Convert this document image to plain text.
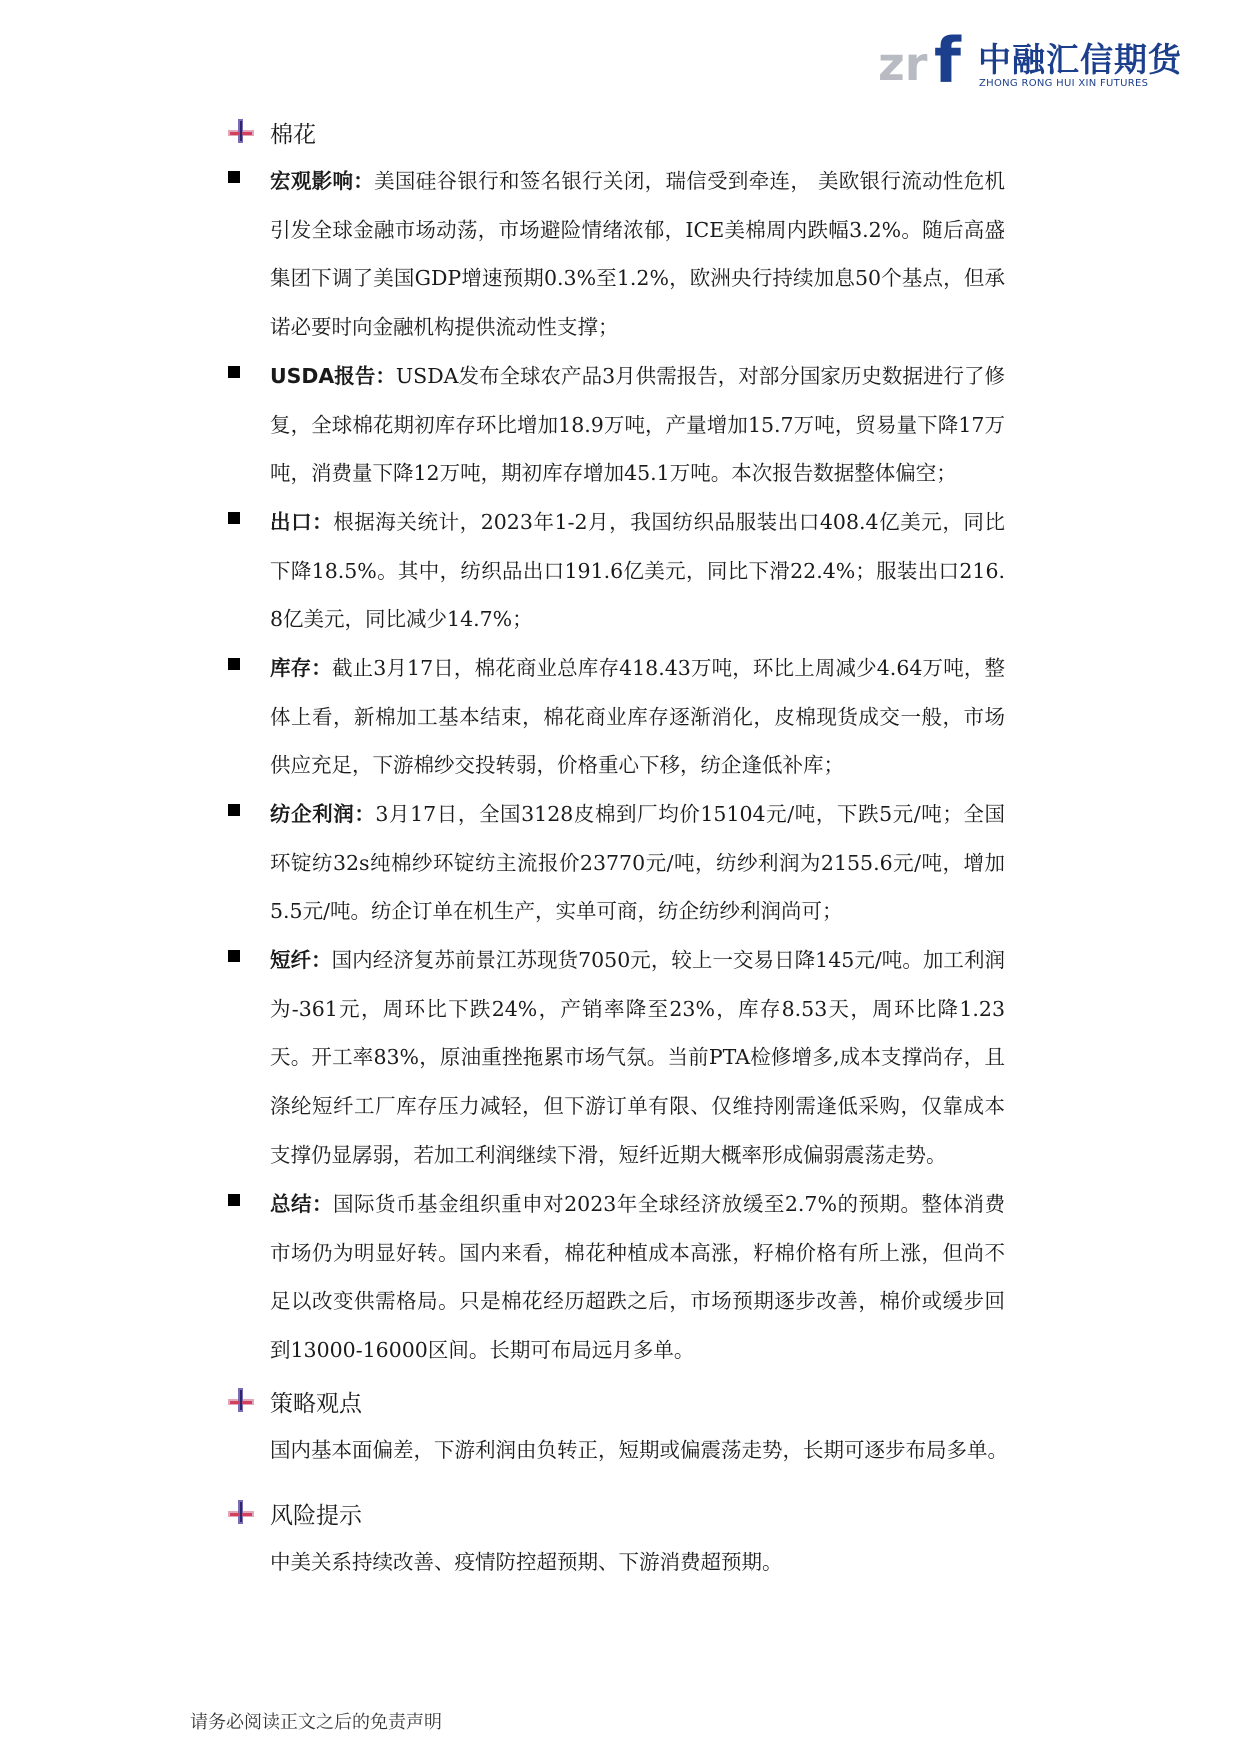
zr f 中融汇信期货
ZHONG RONG HUI XIN FUTURES
棉花
宏观影响：美国硅谷银行和签名银行关闭，瑞信受到牵连， 美欧银行流动性危机引发全球金融市场动荡，市场避险情绪浓郁，ICE美棉周内跌幅3.2%。随后高盛集团下调了美国GDP增速预期0.3%至1.2%，欧洲央行持续加息50个基点，但承诺必要时向金融机构提供流动性支撑；
USDA报告：USDA发布全球农产品3月供需报告，对部分国家历史数据进行了修复，全球棉花期初库存环比增加18.9万吨，产量增加15.7万吨，贸易量下降17万吨，消费量下降12万吨，期初库存增加45.1万吨。本次报告数据整体偏空；
出口：根据海关统计，2023年1-2月，我国纺织品服装出口408.4亿美元，同比下降18.5%。其中，纺织品出口191.6亿美元，同比下滑22.4%；服装出口216.8亿美元，同比减少14.7%；
库存：截止3月17日，棉花商业总库存418.43万吨，环比上周减少4.64万吨，整体上看，新棉加工基本结束，棉花商业库存逐渐消化，皮棉现货成交一般，市场供应充足，下游棉纱交投转弱，价格重心下移，纺企逢低补库；
纺企利润：3月17日，全国3128皮棉到厂均价15104元/吨，下跌5元/吨；全国环锭纺32s纯棉纱环锭纺主流报价23770元/吨，纺纱利润为2155.6元/吨，增加5.5元/吨。纺企订单在机生产，实单可商，纺企纺纱利润尚可；
短纤：国内经济复苏前景江苏现货7050元，较上一交易日降145元/吨。加工利润为-361元，周环比下跌24%，产销率降至23%，库存8.53天，周环比降1.23天。开工率83%，原油重挫拖累市场气氛。当前PTA检修增多,成本支撑尚存，且涤纶短纤工厂库存压力减轻，但下游订单有限、仅维持刚需逢低采购，仅靠成本支撑仍显孱弱，若加工利润继续下滑，短纤近期大概率形成偏弱震荡走势。
总结：国际货币基金组织重申对2023年全球经济放缓至2.7%的预期。整体消费市场仍为明显好转。国内来看，棉花种植成本高涨，籽棉价格有所上涨，但尚不足以改变供需格局。只是棉花经历超跌之后，市场预期逐步改善，棉价或缓步回到13000-16000区间。长期可布局远月多单。
策略观点
国内基本面偏差，下游利润由负转正，短期或偏震荡走势，长期可逐步布局多单。
风险提示
中美关系持续改善、疫情防控超预期、下游消费超预期。
请务必阅读正文之后的免责声明
